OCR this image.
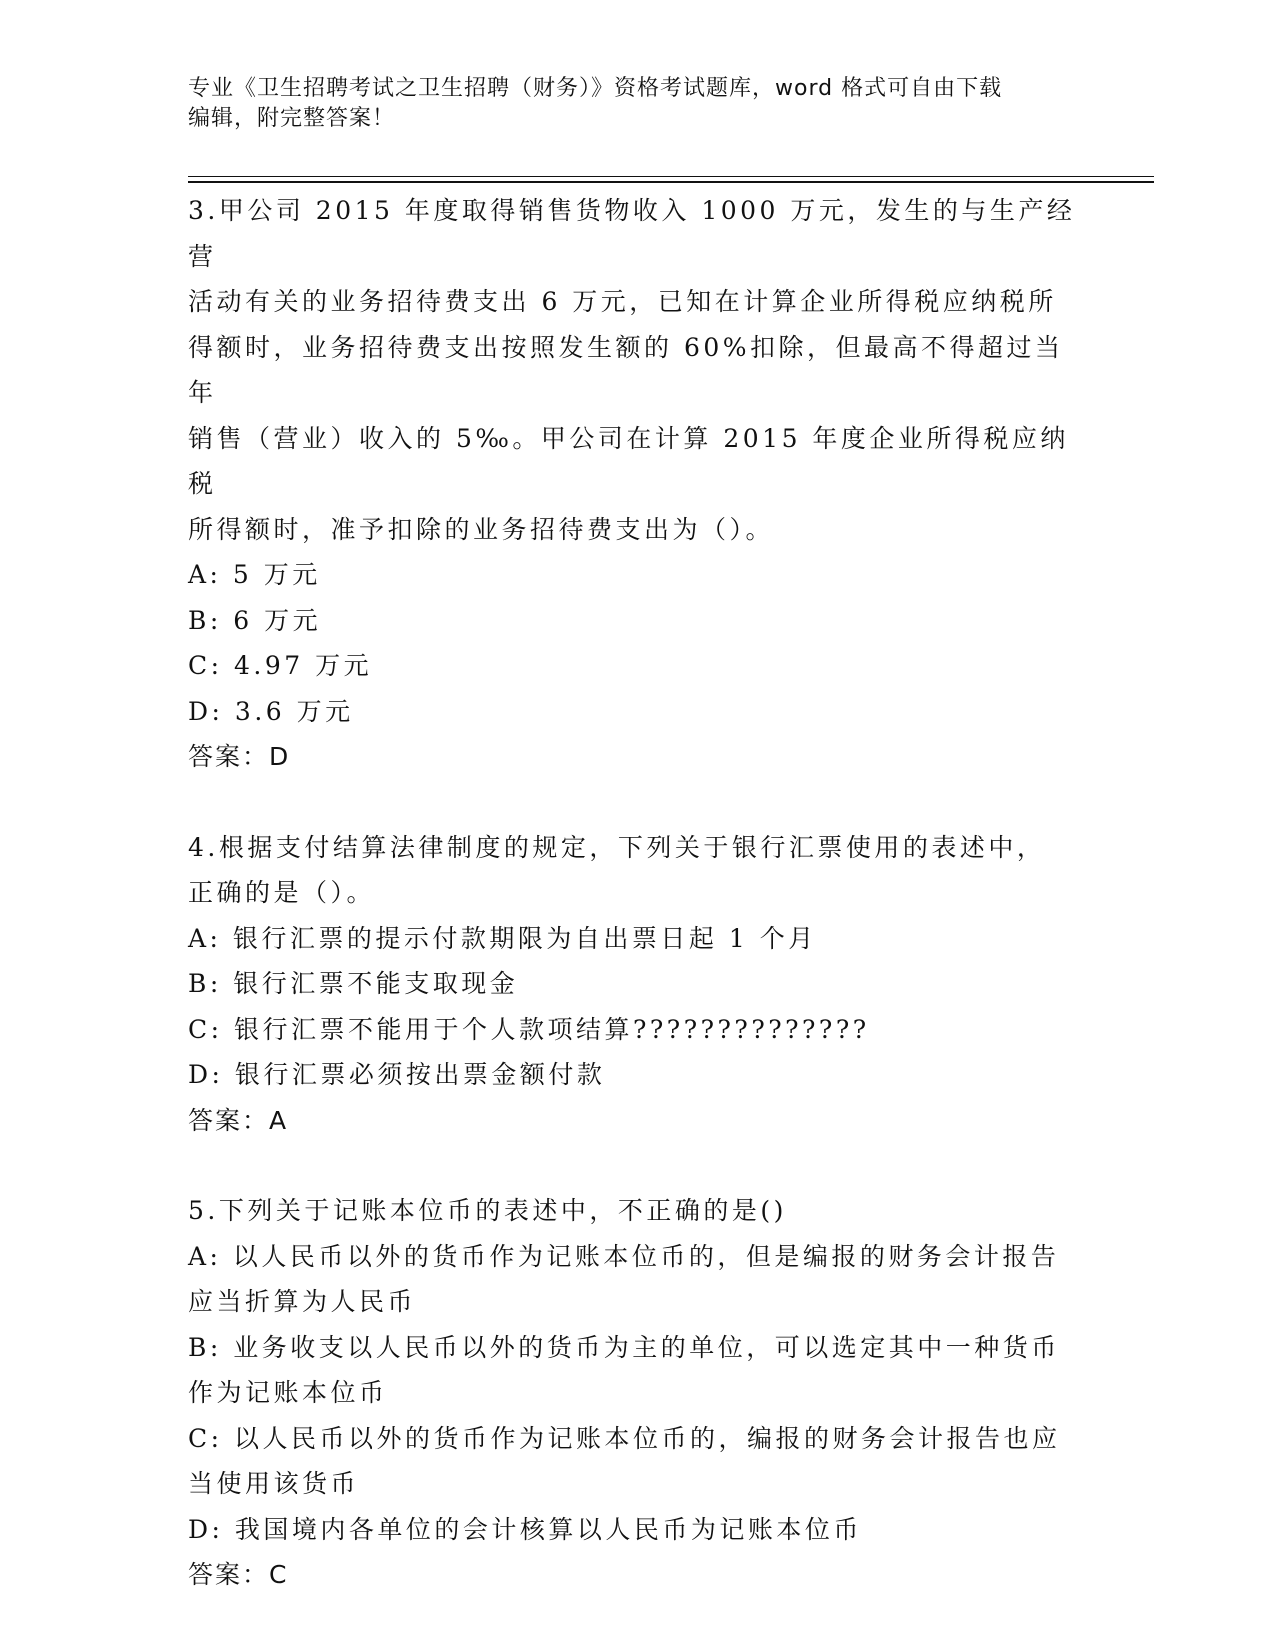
专业《卫生招聘考试之卫生招聘（财务）》资格考试题库，word 格式可自由下载
编辑，附完整答案！
3.甲公司 2015 年度取得销售货物收入 1000 万元，发生的与生产经营
活动有关的业务招待费支出 6 万元，已知在计算企业所得税应纳税所
得额时，业务招待费支出按照发生额的 60%扣除，但最高不得超过当年
销售（营业）收入的 5‰。甲公司在计算 2015 年度企业所得税应纳税
所得额时，准予扣除的业务招待费支出为（）。
A: 5 万元
B: 6 万元
C: 4.97 万元
D: 3.6 万元
答案：D
4.根据支付结算法律制度的规定，下列关于银行汇票使用的表述中，
正确的是（）。
A: 银行汇票的提示付款期限为自出票日起 1 个月
B: 银行汇票不能支取现金
C: 银行汇票不能用于个人款项结算??????????????
D: 银行汇票必须按出票金额付款
答案：A
5.下列关于记账本位币的表述中，不正确的是()
A: 以人民币以外的货币作为记账本位币的，但是编报的财务会计报告
应当折算为人民币
B: 业务收支以人民币以外的货币为主的单位，可以选定其中一种货币
作为记账本位币
C: 以人民币以外的货币作为记账本位币的，编报的财务会计报告也应
当使用该货币
D: 我国境内各单位的会计核算以人民币为记账本位币
答案：C
